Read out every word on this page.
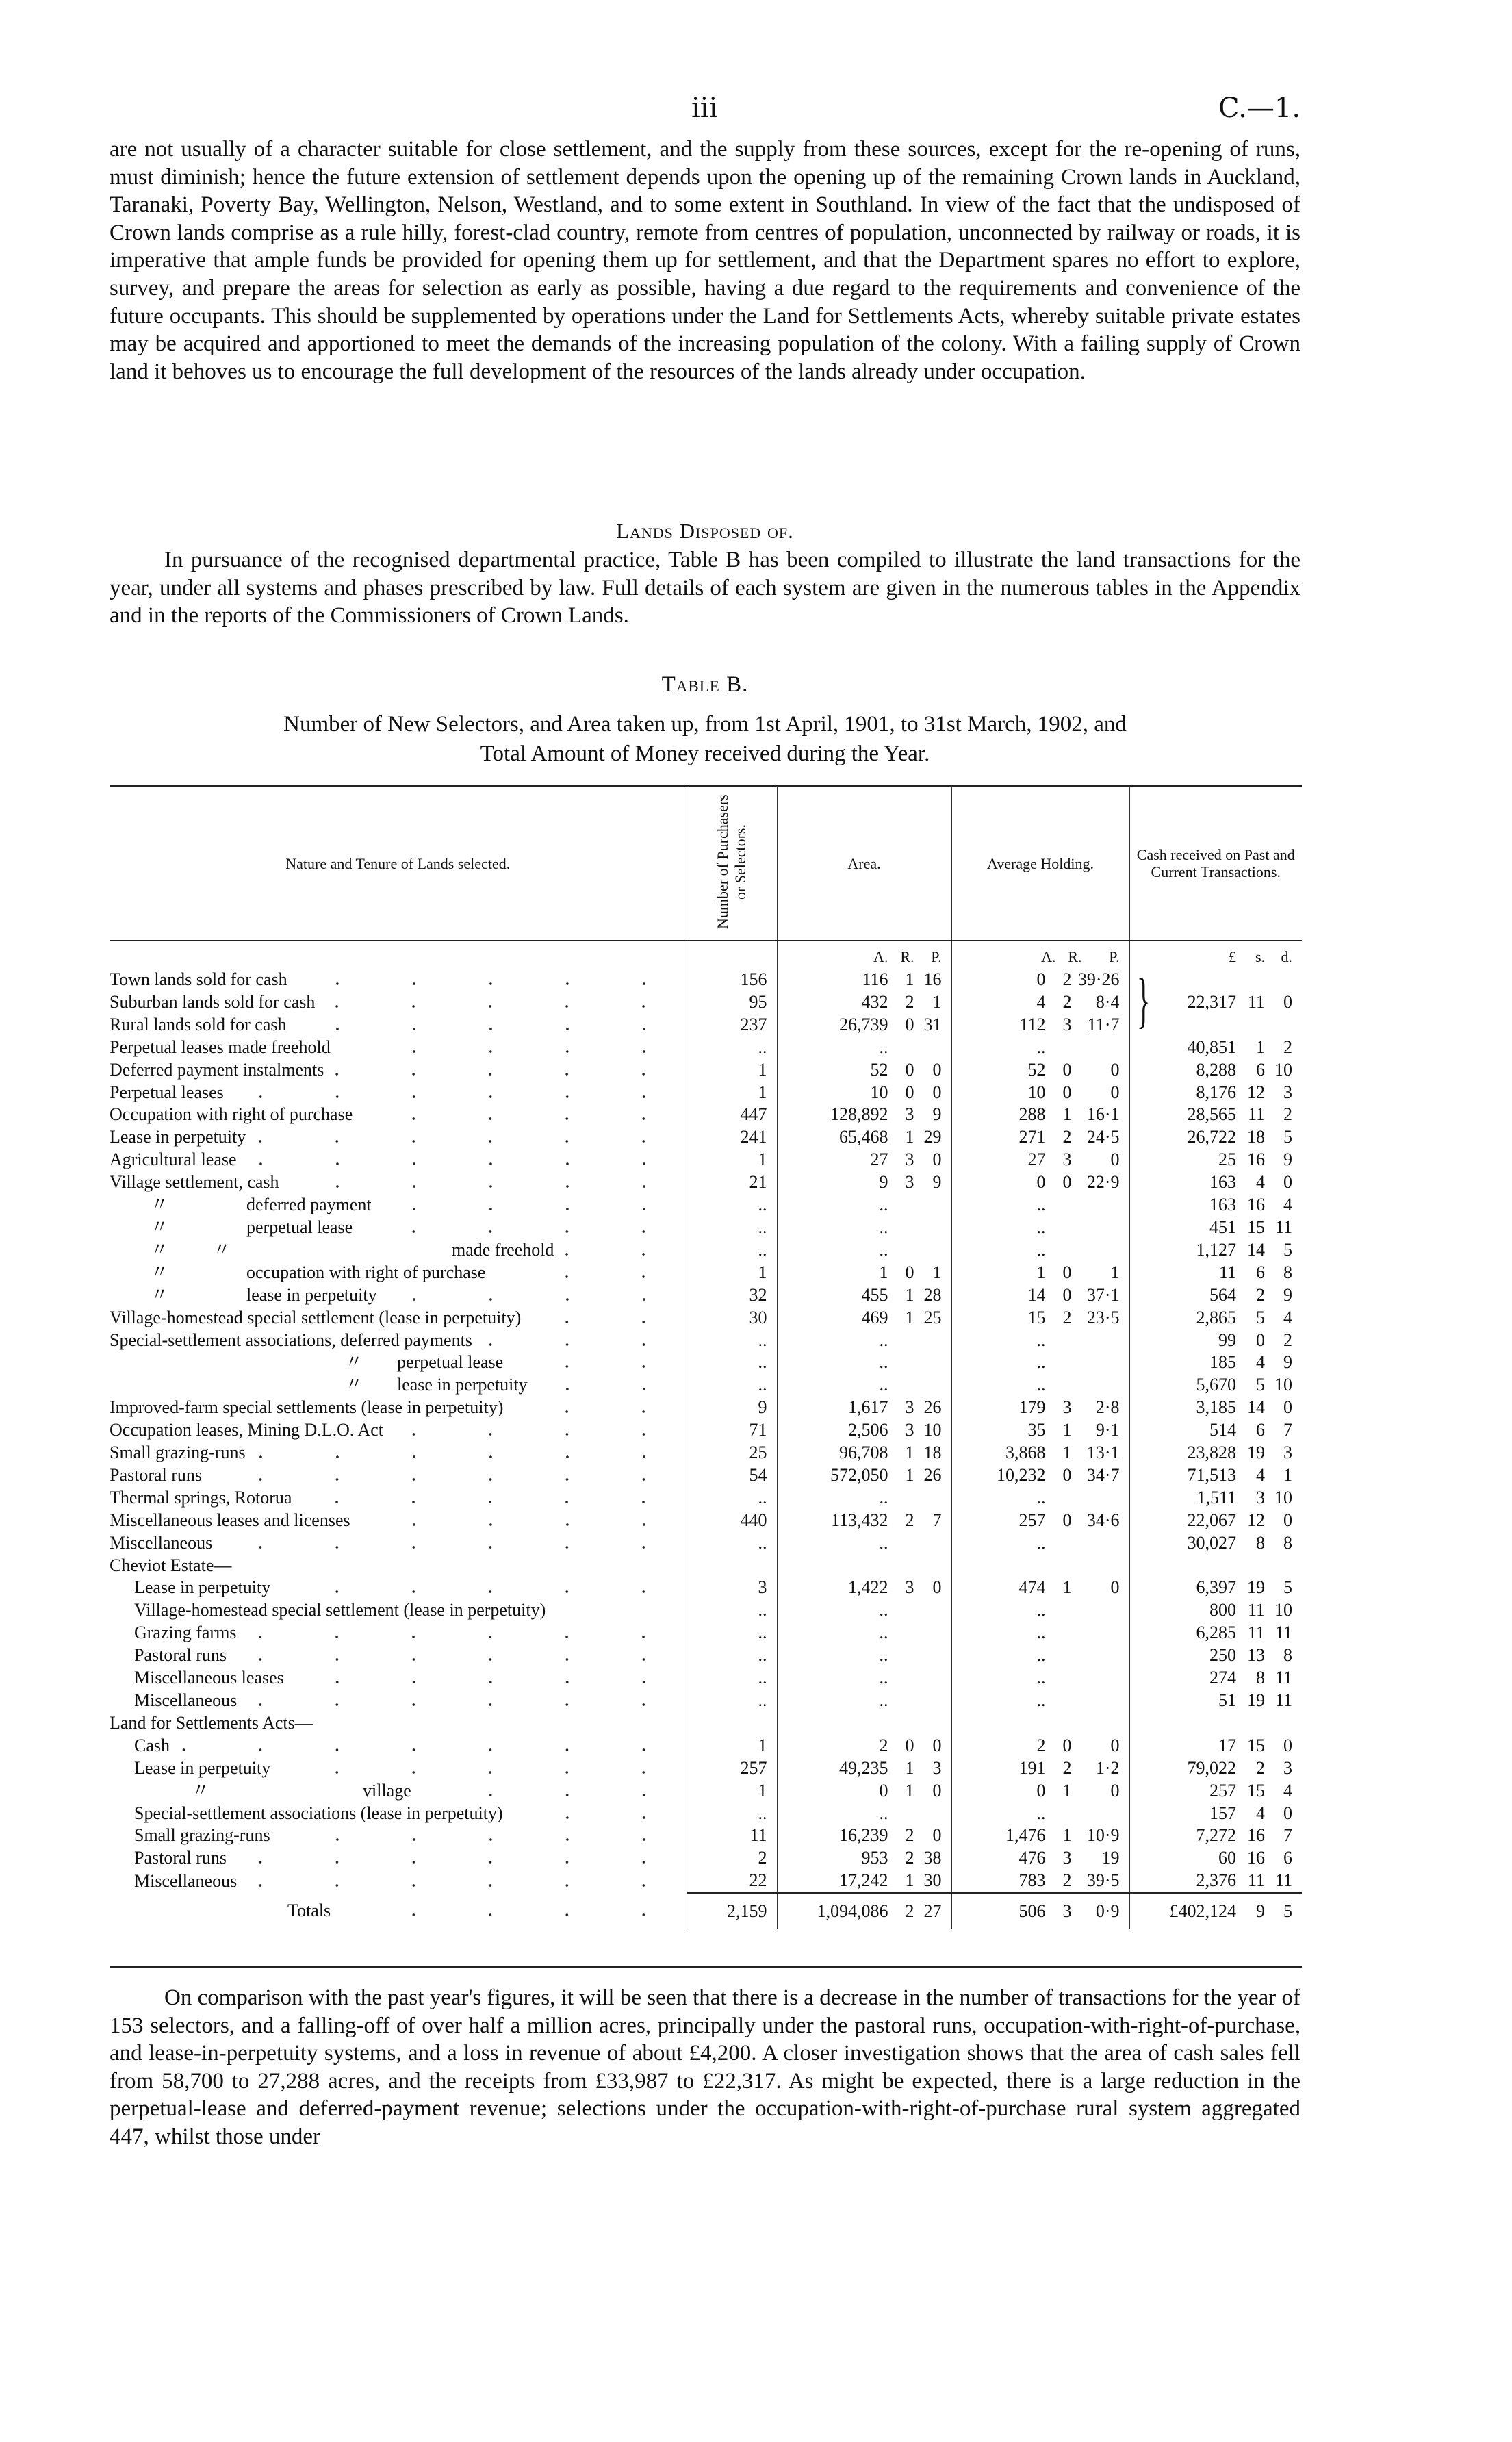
iii	C.—1.
are not usually of a character suitable for close settlement, and the supply from these sources, except for the re-opening of runs, must diminish; hence the future extension of settlement depends upon the opening up of the remaining Crown lands in Auckland, Taranaki, Poverty Bay, Wellington, Nelson, Westland, and to some extent in Southland. In view of the fact that the undisposed of Crown lands comprise as a rule hilly, forest-clad country, remote from centres of population, unconnected by railway or roads, it is imperative that ample funds be provided for opening them up for settlement, and that the Department spares no effort to explore, survey, and prepare the areas for selection as early as possible, having a due regard to the requirements and convenience of the future occupants. This should be supplemented by operations under the Land for Settlements Acts, whereby suitable private estates may be acquired and apportioned to meet the demands of the increasing population of the colony. With a failing supply of Crown land it behoves us to encourage the full development of the resources of the lands already under occupation.
Lands Disposed of.
In pursuance of the recognised departmental practice, Table B has been compiled to illustrate the land transactions for the year, under all systems and phases prescribed by law. Full details of each system are given in the numerous tables in the Appendix and in the reports of the Commissioners of Crown Lands.
Table B.
Number of New Selectors, and Area taken up, from 1st April, 1901, to 31st March, 1902, and
Total Amount of Money received during the Year.
Nature and Tenure of Lands selected.	Number of Purchasers or Selectors.	Area.	Average Holding.	Cash received on Past and Current Transactions.

		A. R. P.	A. R. P.	£ s. d.

Town lands sold for cash	156	116 1 16	0 2 39·26	} 22,317 11 0

Suburban lands sold for cash	95	432 2 1	4 2 8·4	

Rural lands sold for cash	237	26,739 0 31	112 3 11·7	

Perpetual leases made freehold	..	..	..	40,851 1 2

Deferred payment instalments	1	52 0 0	52 0 0	8,288 6 10

Perpetual leases	1	10 0 0	10 0 0	8,176 12 3

Occupation with right of purchase	447	128,892 3 9	288 1 16·1	28,565 11 2

Lease in perpetuity	241	65,468 1 29	271 2 24·5	26,722 18 5

Agricultural lease	1	27 3 0	27 3 0	25 16 9

Village settlement, cash	21	9 3 9	0 0 22·9	163 4 0

〃 deferred payment	..	..	..	163 16 4

〃 perpetual lease	..	..	..	451 15 11

〃          〃 made freehold	..	..	..	1,127 14 5

〃 occupation with right of purchase	1	1 0 1	1 0 1	11 6 8

〃 lease in perpetuity	32	455 1 28	14 0 37·1	564 2 9

Village-homestead special settlement (lease in perpetuity)	30	469 1 25	15 2 23·5	2,865 5 4

Special-settlement associations, deferred payments	..	..	..	99 0 2

〃 perpetual lease	..	..	..	185 4 9

〃 lease in perpetuity	..	..	..	5,670 5 10

Improved-farm special settlements (lease in perpetuity)	9	1,617 3 26	179 3 2·8	3,185 14 0

Occupation leases, Mining D.L.O. Act	71	2,506 3 10	35 1 9·1	514 6 7

Small grazing-runs	25	96,708 1 18	3,868 1 13·1	23,828 19 3

Pastoral runs	54	572,050 1 26	10,232 0 34·7	71,513 4 1

Thermal springs, Rotorua	..	..	..	1,511 3 10

Miscellaneous leases and licenses	440	113,432 2 7	257 0 34·6	22,067 12 0

Miscellaneous	..	..	..	30,027 8 8

Cheviot Estate—				

Lease in perpetuity	3	1,422 3 0	474 1 0	6,397 19 5

Village-homestead special settlement (lease in perpetuity)	..	..	..	800 11 10

Grazing farms	..	..	..	6,285 11 11

Pastoral runs	..	..	..	250 13 8

Miscellaneous leases	..	..	..	274 8 11

Miscellaneous	..	..	..	51 19 11

Land for Settlements Acts—				

Cash	1	2 0 0	2 0 0	17 15 0

Lease in perpetuity	257	49,235 1 3	191 2 1·2	79,022 2 3

〃 village	1	0 1 0	0 1 0	257 15 4

Special-settlement associations (lease in perpetuity)	..	..	..	157 4 0

Small grazing-runs	11	16,239 2 0	1,476 1 10·9	7,272 16 7

Pastoral runs	2	953 2 38	476 3 19	60 16 6

Miscellaneous	22	17,242 1 30	783 2 39·5	2,376 11 11

Totals	2,159	1,094,086 2 27	506 3 0·9	£402,124 9 5
On comparison with the past year's figures, it will be seen that there is a decrease in the number of transactions for the year of 153 selectors, and a falling-off of over half a million acres, principally under the pastoral runs, occupation-with-right-of-purchase, and lease-in-perpetuity systems, and a loss in revenue of about £4,200. A closer investigation shows that the area of cash sales fell from 58,700 to 27,288 acres, and the receipts from £33,987 to £22,317. As might be expected, there is a large reduction in the perpetual-lease and deferred-payment revenue; selections under the occupation-with-right-of-purchase rural system aggregated 447, whilst those under
